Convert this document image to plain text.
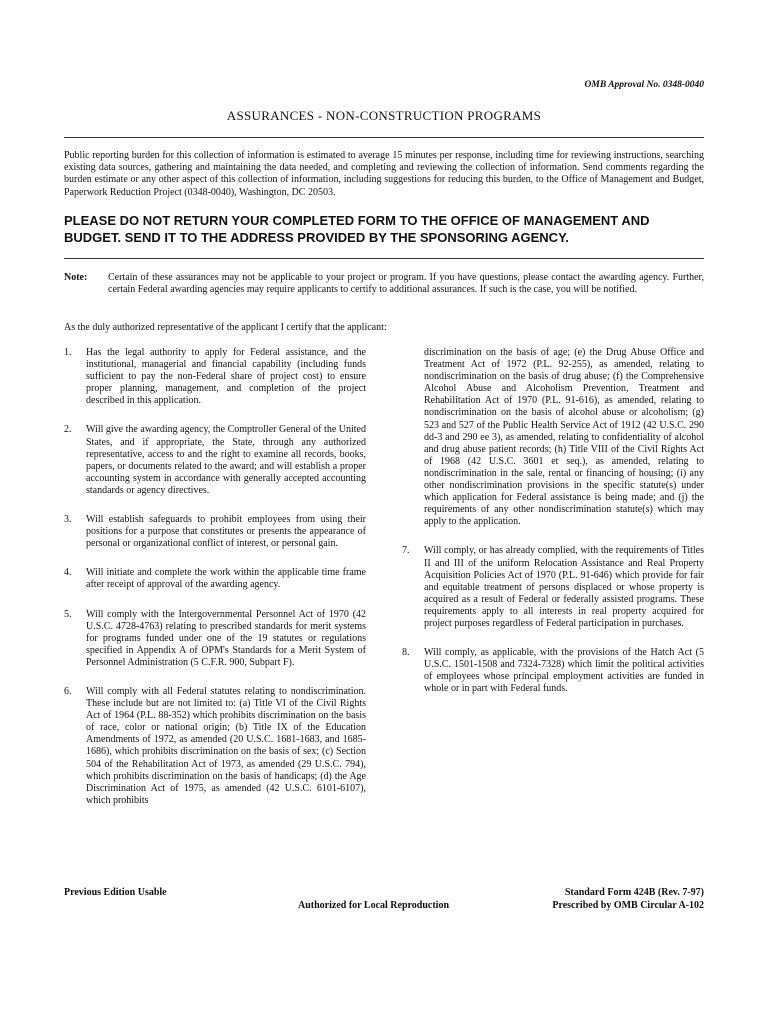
OMB Approval No. 0348-0040
ASSURANCES - NON-CONSTRUCTION PROGRAMS
Public reporting burden for this collection of information is estimated to average 15 minutes per response, including time for reviewing instructions, searching existing data sources, gathering and maintaining the data needed, and completing and reviewing the collection of information. Send comments regarding the burden estimate or any other aspect of this collection of information, including suggestions for reducing this burden, to the Office of Management and Budget, Paperwork Reduction Project (0348-0040), Washington, DC 20503.
PLEASE DO NOT RETURN YOUR COMPLETED FORM TO THE OFFICE OF MANAGEMENT AND BUDGET. SEND IT TO THE ADDRESS PROVIDED BY THE SPONSORING AGENCY.
Note: Certain of these assurances may not be applicable to your project or program. If you have questions, please contact the awarding agency. Further, certain Federal awarding agencies may require applicants to certify to additional assurances. If such is the case, you will be notified.
As the duly authorized representative of the applicant I certify that the applicant:
1. Has the legal authority to apply for Federal assistance, and the institutional, managerial and financial capability (including funds sufficient to pay the non-Federal share of project cost) to ensure proper planning, management, and completion of the project described in this application.
2. Will give the awarding agency, the Comptroller General of the United States, and if appropriate, the State, through any authorized representative, access to and the right to examine all records, books, papers, or documents related to the award; and will establish a proper accounting system in accordance with generally accepted accounting standards or agency directives.
3. Will establish safeguards to prohibit employees from using their positions for a purpose that constitutes or presents the appearance of personal or organizational conflict of interest, or personal gain.
4. Will initiate and complete the work within the applicable time frame after receipt of approval of the awarding agency.
5. Will comply with the Intergovernmental Personnel Act of 1970 (42 U.S.C. 4728-4763) relating to prescribed standards for merit systems for programs funded under one of the 19 statutes or regulations specified in Appendix A of OPM's Standards for a Merit System of Personnel Administration (5 C.F.R. 900, Subpart F).
6. Will comply with all Federal statutes relating to nondiscrimination. These include but are not limited to: (a) Title VI of the Civil Rights Act of 1964 (P.L. 88-352) which prohibits discrimination on the basis of race, color or national origin; (b) Title IX of the Education Amendments of 1972, as amended (20 U.S.C. 1681-1683, and 1685-1686), which prohibits discrimination on the basis of sex; (c) Section 504 of the Rehabilitation Act of 1973, as amended (29 U.S.C. 794), which prohibits discrimination on the basis of handicaps; (d) the Age Discrimination Act of 1975, as amended (42 U.S.C. 6101-6107), which prohibits
discrimination on the basis of age; (e) the Drug Abuse Office and Treatment Act of 1972 (P.L. 92-255), as amended, relating to nondiscrimination on the basis of drug abuse; (f) the Comprehensive Alcohol Abuse and Alcoholism Prevention, Treatment and Rehabilitation Act of 1970 (P.L. 91-616), as amended, relating to nondiscrimination on the basis of alcohol abuse or alcoholism; (g) 523 and 527 of the Public Health Service Act of 1912 (42 U.S.C. 290 dd-3 and 290 ee 3), as amended, relating to confidentiality of alcohol and drug abuse patient records; (h) Title VIII of the Civil Rights Act of 1968 (42 U.S.C. 3601 et seq.), as amended, relating to nondiscrimination in the sale, rental or financing of housing; (i) any other nondiscrimination provisions in the specific statute(s) under which application for Federal assistance is being made; and (j) the requirements of any other nondiscrimination statute(s) which may apply to the application.
7. Will comply, or has already complied, with the requirements of Titles II and III of the uniform Relocation Assistance and Real Property Acquisition Policies Act of 1970 (P.L. 91-646) which provide for fair and equitable treatment of persons displaced or whose property is acquired as a result of Federal or federally assisted programs. These requirements apply to all interests in real property acquired for project purposes regardless of Federal participation in purchases.
8. Will comply, as applicable, with the provisions of the Hatch Act (5 U.S.C. 1501-1508 and 7324-7328) which limit the political activities of employees whose principal employment activities are funded in whole or in part with Federal funds.
Previous Edition Usable	Standard Form 424B (Rev. 7-97)
Authorized for Local Reproduction	Prescribed by OMB Circular A-102
